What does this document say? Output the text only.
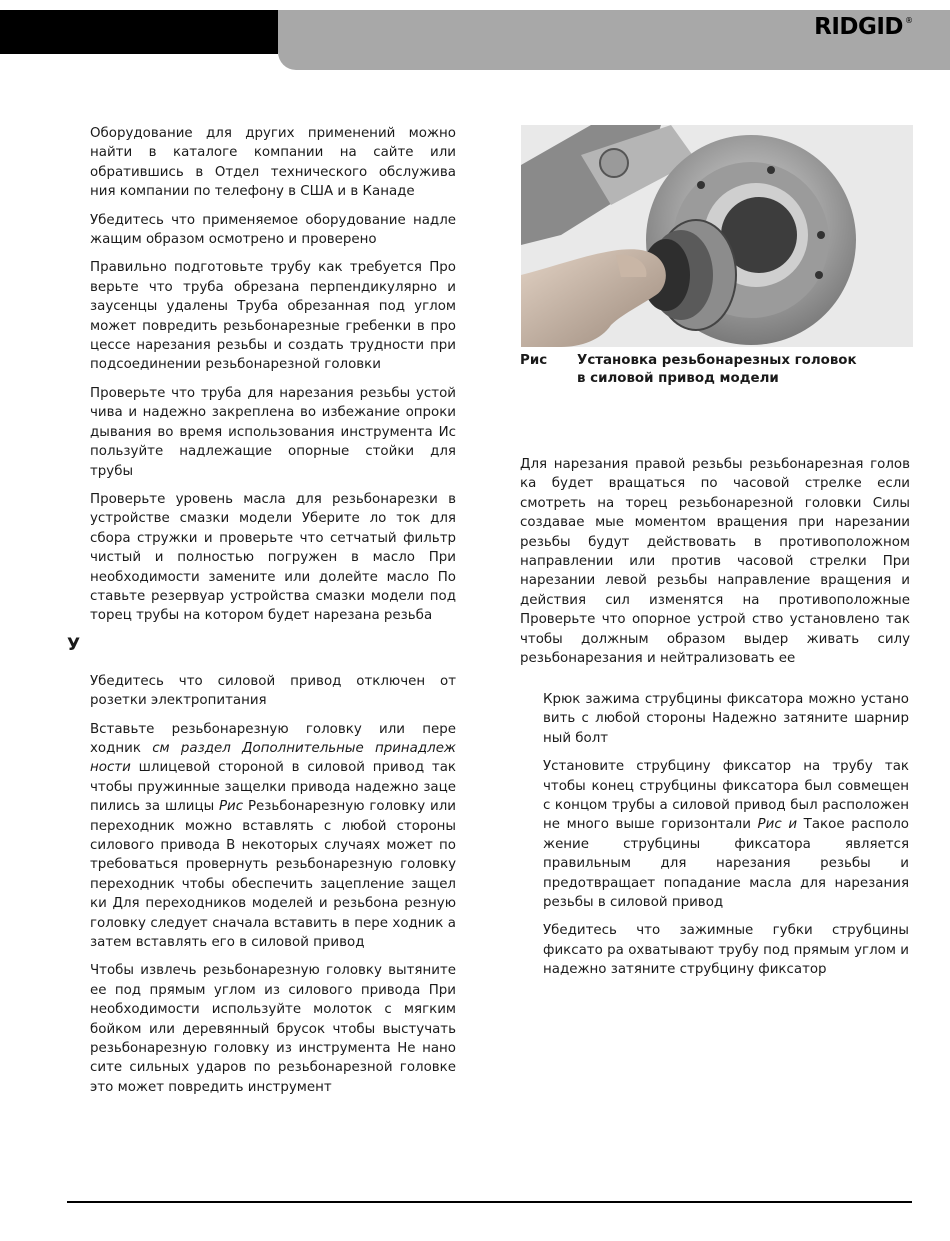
RIDGID ®

Оборудование для других применений можно найти в каталоге компании на сайте или обратившись в Отдел технического обслужива ния компании по телефону в США и в Канаде

Убедитесь что применяемое оборудование надле жащим образом осмотрено и проверено

Правильно подготовьте трубу как требуется Про верьте что труба обрезана перпендикулярно и заусенцы удалены Труба обрезанная под углом может повредить резьбонарезные гребенки в про цессе нарезания резьбы и создать трудности при подсоединении резьбонарезной головки

Проверьте что труба для нарезания резьбы устой чива и надежно закреплена во избежание опроки дывания во время использования инструмента Ис пользуйте надлежащие опорные стойки для трубы

Проверьте уровень масла для резьбонарезки в устройстве смазки модели Уберите ло ток для сбора стружки и проверьте что сетчатый фильтр чистый и полностью погружен в масло При необходимости замените или долейте масло По ставьте резервуар устройства смазки модели под торец трубы на котором будет нарезана резьба

Убедитесь что силовой привод отключен от розетки электропитания

Вставьте резьбонарезную головку или пере ходник см раздел Дополнительные принадлеж ности шлицевой стороной в силовой привод так чтобы пружинные защелки привода надежно заце пились за шлицы Рис Резьбонарезную головку или переходник можно вставлять с любой стороны силового привода В некоторых случаях может по требоваться провернуть резьбонарезную головку переходник чтобы обеспечить зацепление защел ки Для переходников моделей и резьбона резную головку следует сначала вставить в пере ходник а затем вставлять его в силовой привод

Чтобы извлечь резьбонарезную головку вытяните ее под прямым углом из силового привода При необходимости используйте молоток с мягким бойком или деревянный брусок чтобы выстучать резьбонарезную головку из инструмента Не нано сите сильных ударов по резьбонарезной головке это может повредить инструмент

У
Рис Установка резьбонарезных головок
в силовой привод модели

Для нарезания правой резьбы резьбонарезная голов ка будет вращаться по часовой стрелке если смотреть на торец резьбонарезной головки Силы создавае мые моментом вращения при нарезании резьбы будут действовать в противоположном направлении или против часовой стрелки При нарезании левой резьбы направление вращения и действия сил изменятся на противоположные Проверьте что опорное устрой ство установлено так чтобы должным образом выдер живать силу резьбонарезания и нейтрализовать ее

Крюк зажима струбцины фиксатора можно устано вить с любой стороны Надежно затяните шарнир ный болт

Установите струбцину фиксатор на трубу так чтобы конец струбцины фиксатора был совмещен с концом трубы а силовой привод был расположен не много выше горизонтали Рис и Такое располо жение струбцины фиксатора является правильным для нарезания резьбы и предотвращает попадание масла для нарезания резьбы в силовой привод

Убедитесь что зажимные губки струбцины фиксато ра охватывают трубу под прямым углом и надежно затяните струбцину фиксатор
